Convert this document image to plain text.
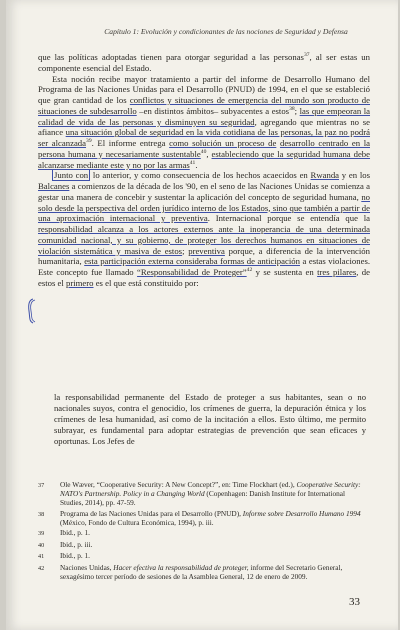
Capítulo 1: Evolución y condicionantes de las nociones de Seguridad y Defensa

que las políticas adoptadas tienen para otorgar seguridad a las personas$^{37}$, al ser estas un componente esencial del Estado.

Esta noción recibe mayor tratamiento a partir del informe de Desarrollo Humano del Programa de las Naciones Unidas para el Desarrollo (PNUD) de 1994, en el que se estableció que gran cantidad de los conflictos y situaciones de emergencia del mundo son producto de situaciones de subdesarrollo –en distintos ámbitos– subyacentes a estos$^{38}$; las que empeoran la calidad de vida de las personas y disminuyen su seguridad, agregando que mientras no se afiance una situación global de seguridad en la vida cotidiana de las personas, la paz no podrá ser alcanzada$^{39}$. El informe entrega como solución un proceso de desarrollo centrado en la persona humana y necesariamente sustentable$^{40}$, estableciendo que la seguridad humana debe alcanzarse mediante este y no por las armas$^{41}$.

Junto con lo anterior, y como consecuencia de los hechos acaecidos en Rwanda y en los Balcanes a comienzos de la década de los '90, en el seno de las Naciones Unidas se comienza a gestar una manera de concebir y sustentar la aplicación del concepto de seguridad humana, no solo desde la perspectiva del orden jurídico interno de los Estados, sino que también a partir de una aproximación internacional y preventiva. Internacional porque se entendía que la responsabilidad alcanza a los actores externos ante la inoperancia de una determinada comunidad nacional, y su gobierno, de proteger los derechos humanos en situaciones de violación sistemática y masiva de estos; preventiva porque, a diferencia de la intervención humanitaria, esta participación externa consideraba formas de anticipación a estas violaciones. Este concepto fue llamado “Responsabilidad de Proteger”$^{42}$ y se sustenta en tres pilares, de estos el primero es el que está constituido por:

la responsabilidad permanente del Estado de proteger a sus habitantes, sean o no nacionales suyos, contra el genocidio, los crímenes de guerra, la depuración étnica y los crímenes de lesa humanidad, así como de la incitación a ellos. Esto último, me permito subrayar, es fundamental para adoptar estrategias de prevención que sean eficaces y oportunas. Los Jefes de

37	Ole Wæver, “Cooperative Security: A New Concept?”, en: Time Flockhart (ed.), Cooperative Security: NATO's Partnership. Policy in a Changing World (Copenhagen: Danish Institute for International Studies, 2014), pp. 47-59.
38	Programa de las Naciones Unidas para el Desarrollo (PNUD), Informe sobre Desarrollo Humano 1994 (México, Fondo de Cultura Económica, 1994), p. iii.
39	Ibid., p. 1.
40	Ibid., p. iii.
41	Ibid., p. 1.
42	Naciones Unidas, Hacer efectiva la responsabilidad de proteger, informe del Secretario General, sexagésimo tercer período de sesiones de la Asamblea General, 12 de enero de 2009.
33
